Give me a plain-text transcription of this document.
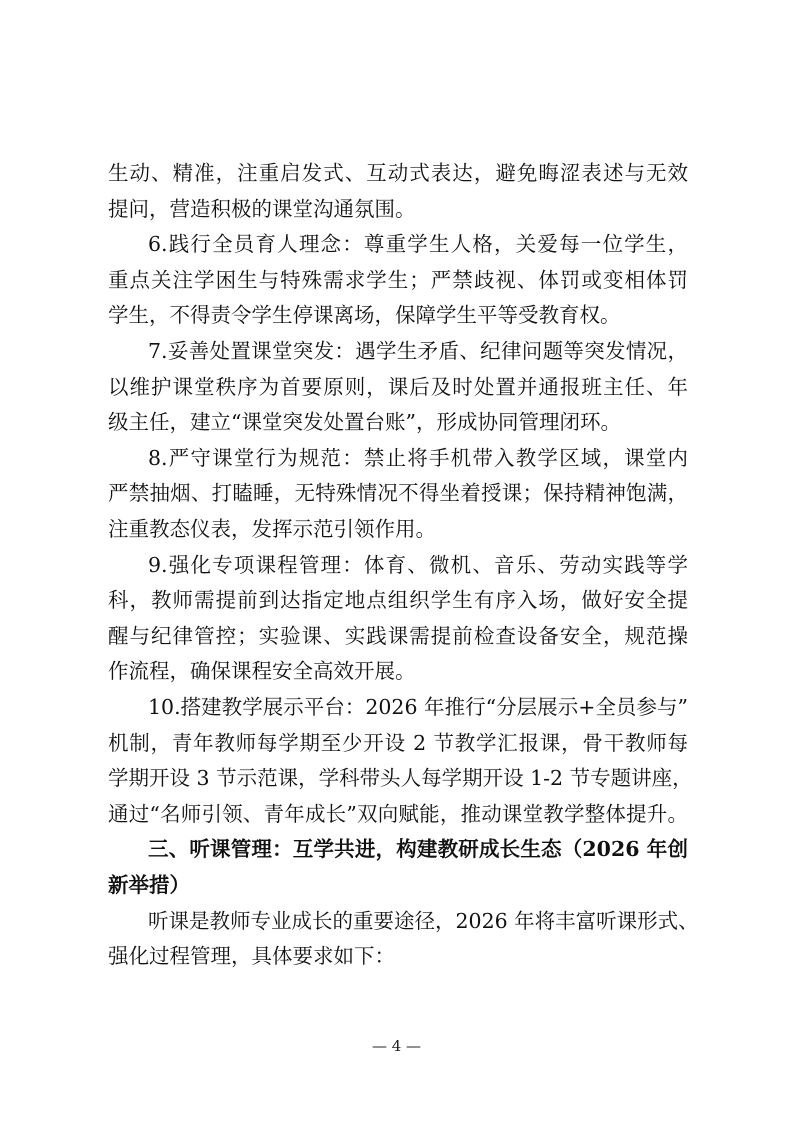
生动、精准，注重启发式、互动式表达，避免晦涩表述与无效
提问，营造积极的课堂沟通氛围。
6.践行全员育人理念：尊重学生人格，关爱每一位学生，
重点关注学困生与特殊需求学生；严禁歧视、体罚或变相体罚
学生，不得责令学生停课离场，保障学生平等受教育权。
7.妥善处置课堂突发：遇学生矛盾、纪律问题等突发情况，
以维护课堂秩序为首要原则，课后及时处置并通报班主任、年
级主任，建立“课堂突发处置台账”，形成协同管理闭环。
8.严守课堂行为规范：禁止将手机带入教学区域，课堂内
严禁抽烟、打瞌睡，无特殊情况不得坐着授课；保持精神饱满，
注重教态仪表，发挥示范引领作用。
9.强化专项课程管理：体育、微机、音乐、劳动实践等学
科，教师需提前到达指定地点组织学生有序入场，做好安全提
醒与纪律管控；实验课、实践课需提前检查设备安全，规范操
作流程，确保课程安全高效开展。
10.搭建教学展示平台：2026 年推行“分层展示+全员参与”
机制，青年教师每学期至少开设 2 节教学汇报课，骨干教师每
学期开设 3 节示范课，学科带头人每学期开设 1-2 节专题讲座，
通过“名师引领、青年成长”双向赋能，推动课堂教学整体提升。
三、听课管理：互学共进，构建教研成长生态（2026 年创
新举措）
听课是教师专业成长的重要途径，2026 年将丰富听课形式、
强化过程管理，具体要求如下：
— 4 —
